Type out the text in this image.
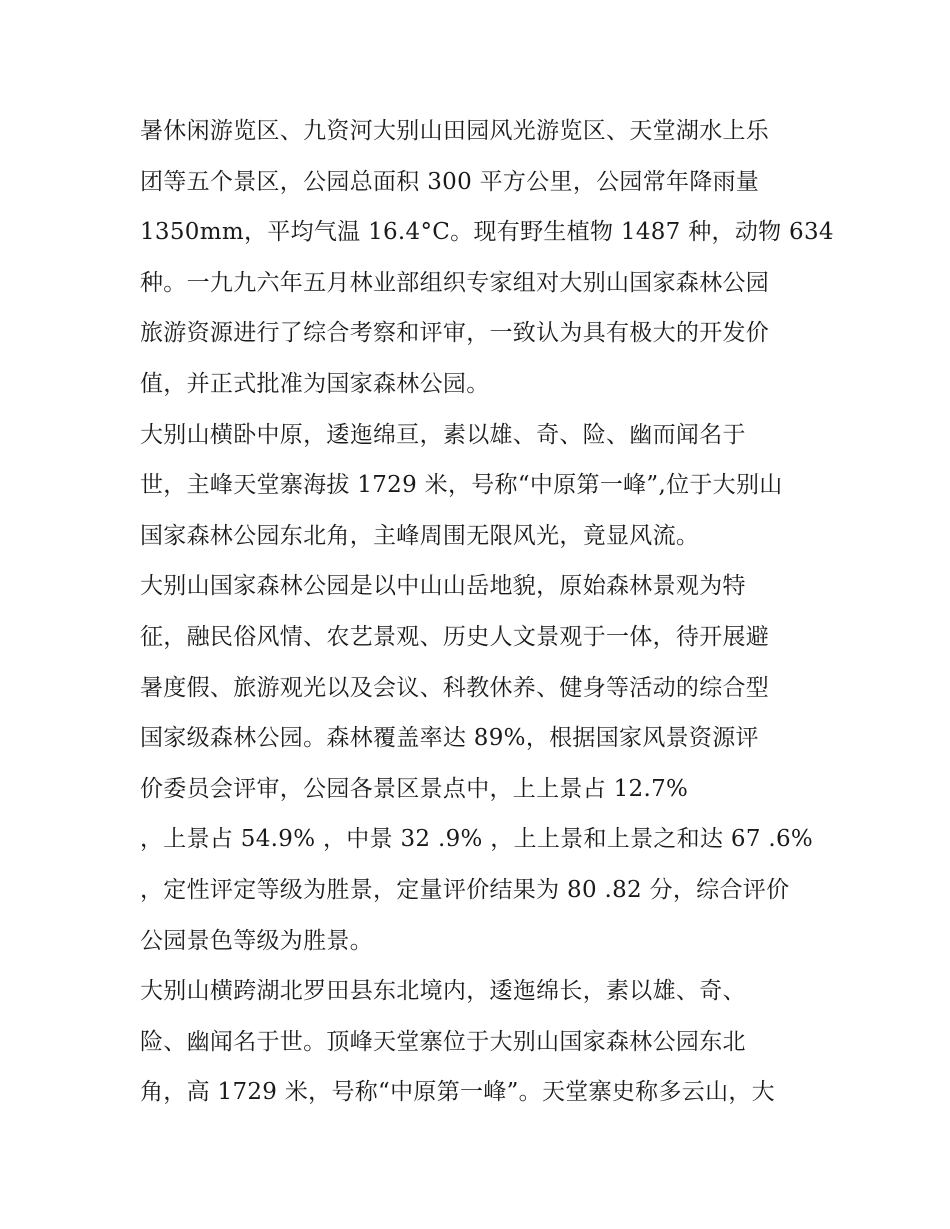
暑休闲游览区、九资河大别山田园风光游览区、天堂湖水上乐
团等五个景区，公园总面积 300 平方公里，公园常年降雨量
1350mm，平均气温 16.4°C。现有野生植物 1487 种，动物 634
种。一九九六年五月林业部组织专家组对大别山国家森林公园
旅游资源进行了综合考察和评审，一致认为具有极大的开发价
值，并正式批准为国家森林公园。
大别山横卧中原，逶迤绵亘，素以雄、奇、险、幽而闻名于
世，主峰天堂寨海拔 1729 米，号称“中原第一峰”,位于大别山
国家森林公园东北角，主峰周围无限风光，竟显风流。
大别山国家森林公园是以中山山岳地貌，原始森林景观为特
征，融民俗风情、农艺景观、历史人文景观于一体，待开展避
暑度假、旅游观光以及会议、科教休养、健身等活动的综合型
国家级森林公园。森林覆盖率达 89%，根据国家风景资源评
价委员会评审，公园各景区景点中，上上景占 12.7%
，上景占 54.9% ，中景 32 .9% ，上上景和上景之和达 67 .6%
，定性评定等级为胜景，定量评价结果为 80 .82 分，综合评价
公园景色等级为胜景。
大别山横跨湖北罗田县东北境内，逶迤绵长，素以雄、奇、
险、幽闻名于世。顶峰天堂寨位于大别山国家森林公园东北
角，高 1729 米，号称“中原第一峰”。天堂寨史称多云山，大
